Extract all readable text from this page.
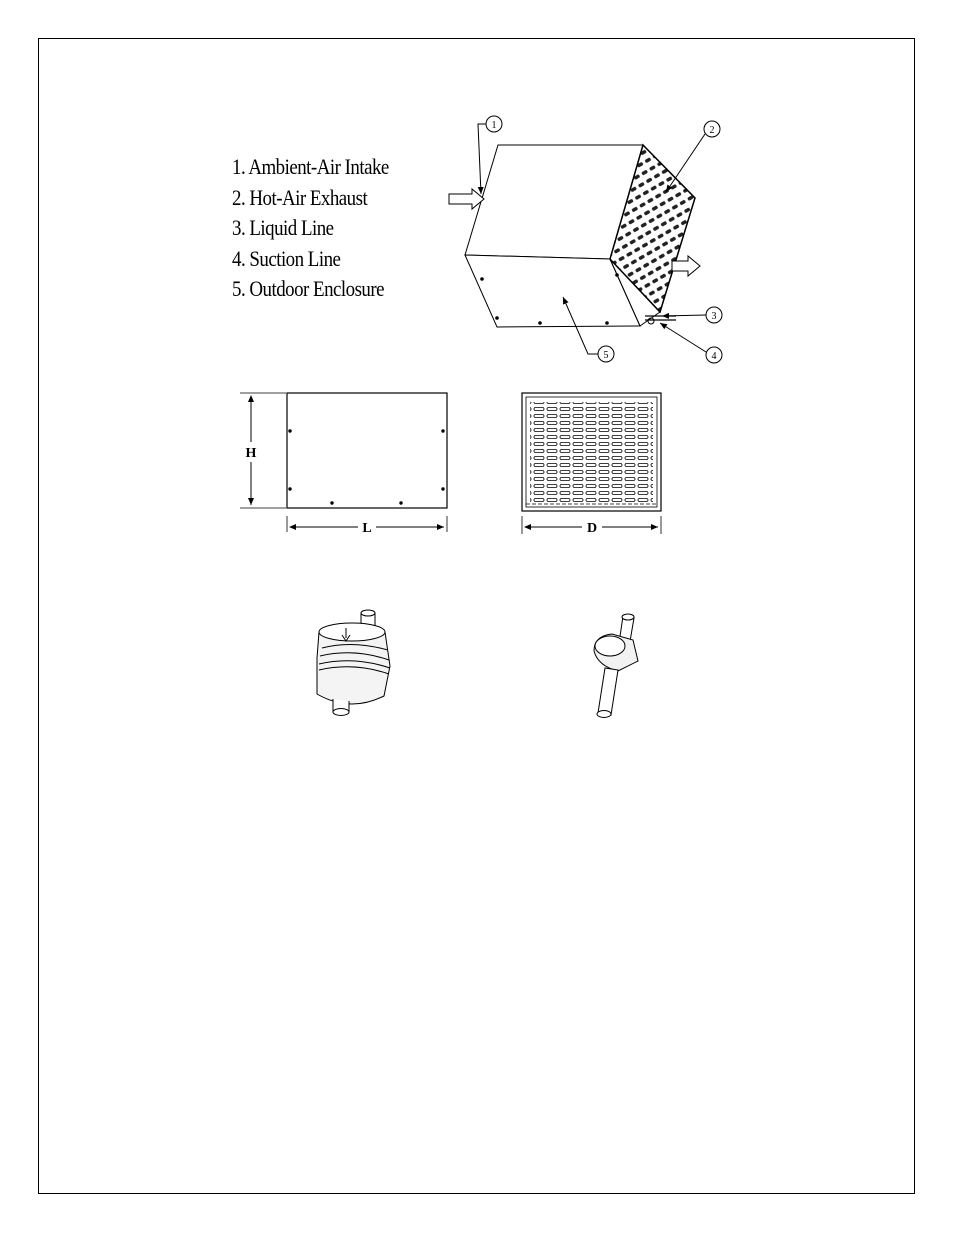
1. Ambient-Air Intake
2. Hot-Air Exhaust
3. Liquid Line
4. Suction Line
5. Outdoor Enclosure
1	2
3
4
5
H
L	D
